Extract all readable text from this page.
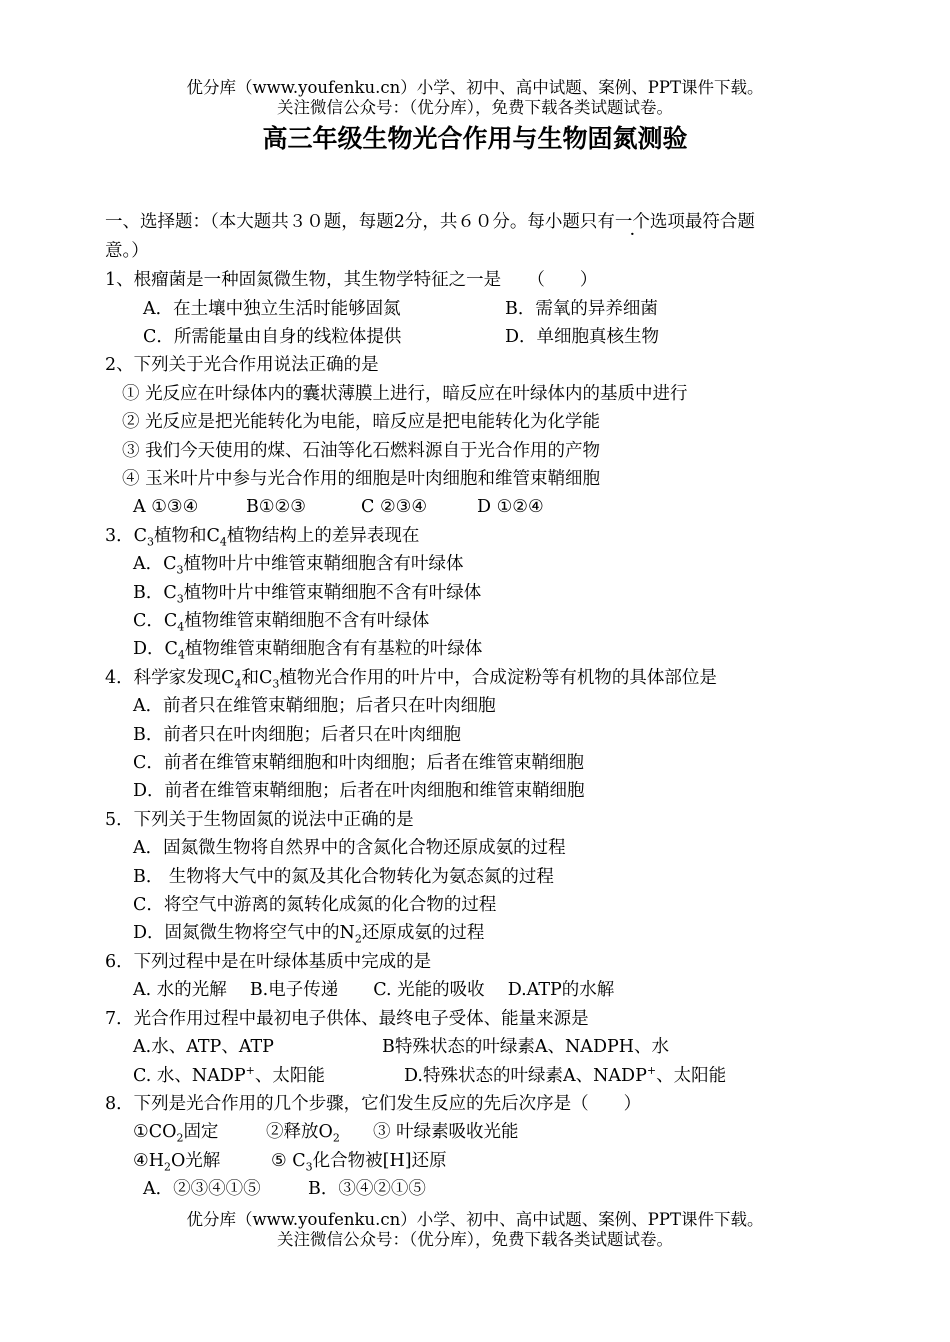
优分库（www.youfenku.cn）小学、初中、高中试题、案例、PPT课件下载。
关注微信公众号：（优分库），免费下载各类试题试卷。
高三年级生物光合作用与生物固氮测验
一、选择题：（本大题共３０题，每题2分，共６０分。每小题只有一个选项最符合题
意。）
1、根瘤菌是一种固氮微生物，其生物学特征之一是　　（　　）
A．在土壤中独立生活时能够固氮	B．需氧的异养细菌
C．所需能量由自身的线粒体提供	D．单细胞真核生物
2、下列关于光合作用说法正确的是
① 光反应在叶绿体内的囊状薄膜上进行，暗反应在叶绿体内的基质中进行
② 光反应是把光能转化为电能，暗反应是把电能转化为化学能
③ 我们今天使用的煤、石油等化石燃料源自于光合作用的产物
④ 玉米叶片中参与光合作用的细胞是叶肉细胞和维管束鞘细胞
A ①③④	B①②③	C ②③④	D ①②④
3．$C_3$植物和$C_4$植物结构上的差异表现在
A．$C_3$植物叶片中维管束鞘细胞含有叶绿体
B．$C_3$植物叶片中维管束鞘细胞不含有叶绿体
C．$C_4$植物维管束鞘细胞不含有叶绿体
D．$C_4$植物维管束鞘细胞含有有基粒的叶绿体
4．科学家发现$C_4$和$C_3$植物光合作用的叶片中，合成淀粉等有机物的具体部位是
A．前者只在维管束鞘细胞；后者只在叶肉细胞
B．前者只在叶肉细胞；后者只在叶肉细胞
C．前者在维管束鞘细胞和叶肉细胞；后者在维管束鞘细胞
D．前者在维管束鞘细胞；后者在叶肉细胞和维管束鞘细胞
5．下列关于生物固氮的说法中正确的是
A．固氮微生物将自然界中的含氮化合物还原成氨的过程
B． 生物将大气中的氮及其化合物转化为氨态氮的过程
C．将空气中游离的氮转化成氮的化合物的过程
D．固氮微生物将空气中的$N_2$还原成氨的过程
6．下列过程中是在叶绿体基质中完成的是
A. 水的光解　 B.电子传递　　C. 光能的吸收　 D.ATP的水解
7．光合作用过程中最初电子供体、最终电子受体、能量来源是
A.水、ATP、ATP	B特殊状态的叶绿素A、NADPH、水
C. 水、NADP+、太阳能	D.特殊状态的叶绿素A、NADP+、太阳能
8．下列是光合作用的几个步骤，它们发生反应的先后次序是（　　）
$①CO_2$固定	②释放$O_2$ ③ 叶绿素吸收光能
$④H_2O$光解	⑤ $C_3$化合物被[H]还原
A．②③④①⑤	B．③④②①⑤
优分库（www.youfenku.cn）小学、初中、高中试题、案例、PPT课件下载。
关注微信公众号：（优分库），免费下载各类试题试卷。
